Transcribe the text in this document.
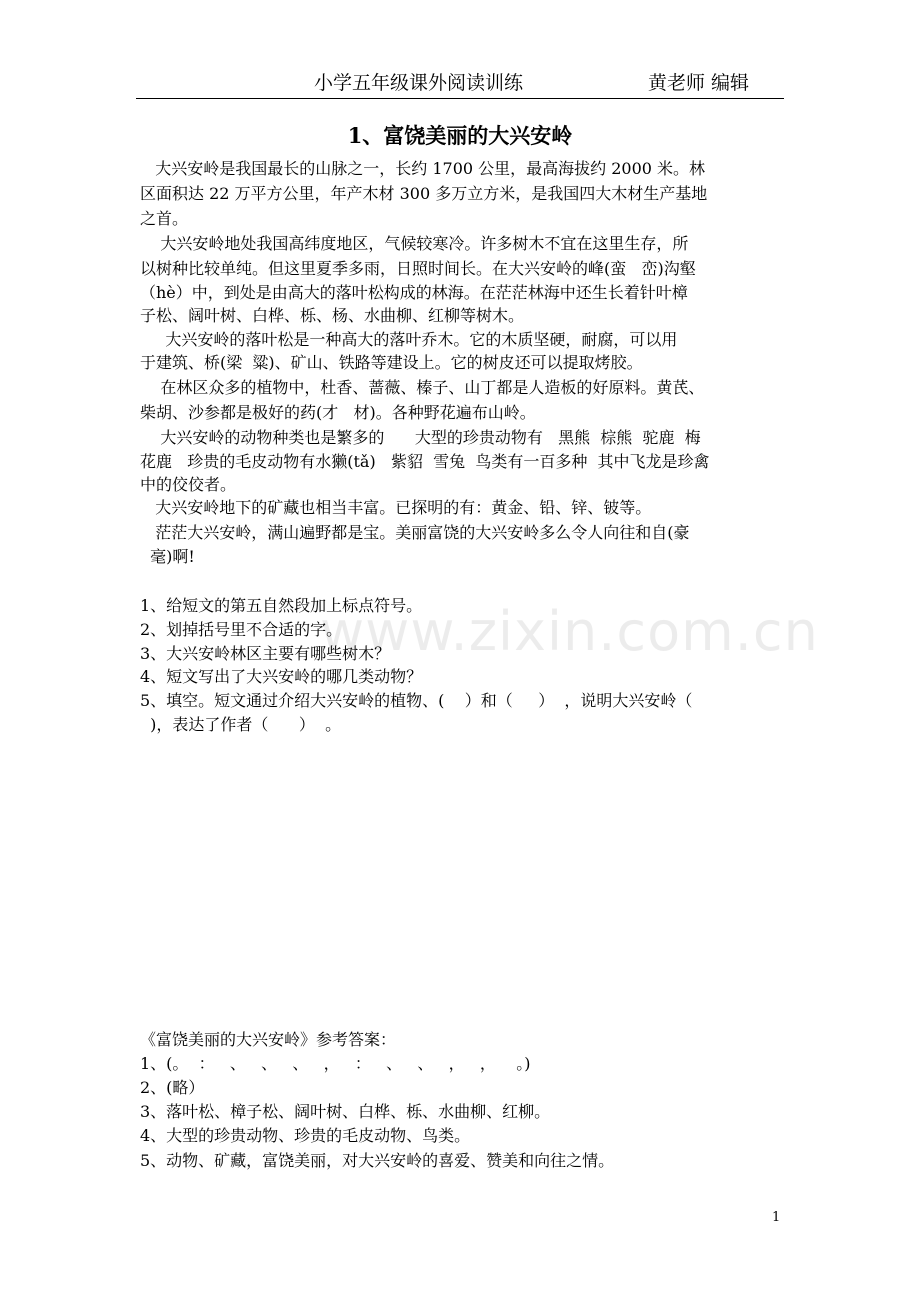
小学五年级课外阅读训练	黄老师 编辑
1、富饶美丽的大兴安岭
www.zixin.com.cn
大兴安岭是我国最长的山脉之一，长约 1700 公里，最高海拔约 2000 米。林
区面积达 22 万平方公里，年产木材 300 多万立方米，是我国四大木材生产基地
之首。
大兴安岭地处我国高纬度地区，气候较寒冷。许多树木不宜在这里生存，所
以树种比较单纯。但这里夏季多雨，日照时间长。在大兴安岭的峰(蛮   峦)沟壑
（hè）中，到处是由高大的落叶松构成的林海。在茫茫林海中还生长着针叶樟
子松、阔叶树、白桦、栎、杨、水曲柳、红柳等树木。
大兴安岭的落叶松是一种高大的落叶乔木。它的木质坚硬，耐腐，可以用
于建筑、桥(梁  粱)、矿山、铁路等建设上。它的树皮还可以提取烤胶。
在林区众多的植物中，杜香、蔷薇、榛子、山丁都是人造板的好原料。黄芪、
柴胡、沙参都是极好的药(才   材)。各种野花遍布山岭。
大兴安岭的动物种类也是繁多的      大型的珍贵动物有   黑熊  棕熊  驼鹿  梅
花鹿   珍贵的毛皮动物有水獭(tǎ)   紫貂  雪兔  鸟类有一百多种  其中飞龙是珍禽
中的佼佼者。
大兴安岭地下的矿藏也相当丰富。已探明的有：黄金、铅、锌、铍等。
茫茫大兴安岭，满山遍野都是宝。美丽富饶的大兴安岭多么令人向往和自(豪
毫)啊!
1、给短文的第五自然段加上标点符号。
2、划掉括号里不合适的字。
3、大兴安岭林区主要有哪些树木？
4、短文写出了大兴安岭的哪几类动物？
5、填空。短文通过介绍大兴安岭的植物、(    ）和（     ）  ，说明大兴安岭（
)，表达了作者（      ）  。
《富饶美丽的大兴安岭》参考答案：
1、(。  ：   、   、   、   ，   ：   、   、   ，   ，    。)
2、(略）
3、落叶松、樟子松、阔叶树、白桦、栎、水曲柳、红柳。
4、大型的珍贵动物、珍贵的毛皮动物、鸟类。
5、动物、矿藏，富饶美丽，对大兴安岭的喜爱、赞美和向往之情。
1
